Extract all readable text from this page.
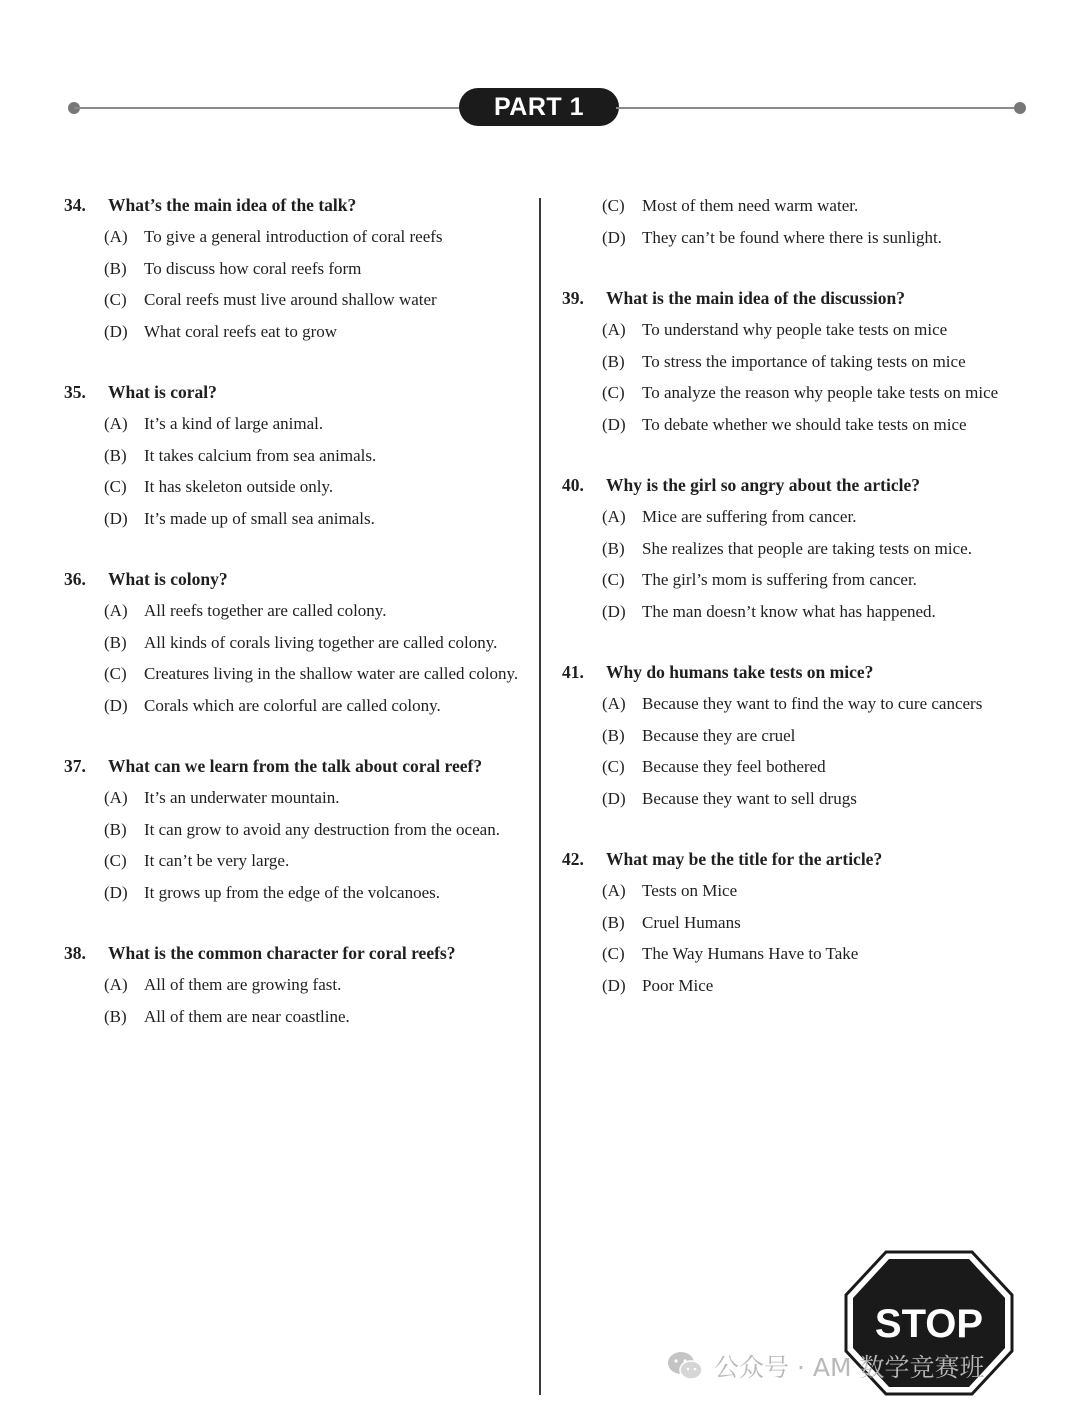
PART 1
34.	What’s the main idea of the talk?
(A) To give a general introduction of coral reefs
(B)	To discuss how coral reefs form
(C)	Coral reefs must live around shallow water
(D) What coral reefs eat to grow
35.	What is coral?
(A) It’s a kind of large animal.
(B)	It takes calcium from sea animals.
(C)	It has skeleton outside only.
(D) It’s made up of small sea animals.
36.	What is colony?
(A) All reefs together are called colony.
(B)	All kinds of corals living together are called colony.
(C)	Creatures living in the shallow water are called colony.
(D) Corals which are colorful are called colony.
37.	What can we learn from the talk about coral reef?
(A) It’s an underwater mountain.
(B)	It can grow to avoid any destruction from the ocean.
(C)	It can’t be very large.
(D) It grows up from the edge of the volcanoes.
38.	What is the common character for coral reefs?
(A) All of them are growing fast.
(B)	All of them are near coastline.
(C)	Most of them need warm water.
(D) They can’t be found where there is sunlight.
39.	What is the main idea of the discussion?
(A) To understand why people take tests on mice
(B)	To stress the importance of taking tests on mice
(C)	To analyze the reason why people take tests on mice
(D) To debate whether we should take tests on mice
40.	Why is the girl so angry about the article?
(A) Mice are suffering from cancer.
(B)	She realizes that people are taking tests on mice.
(C)	The girl’s mom is suffering from cancer.
(D) The man doesn’t know what has happened.
41.	Why do humans take tests on mice?
(A) Because they want to find the way to cure cancers
(B)	Because they are cruel
(C)	Because they feel bothered
(D) Because they want to sell drugs
42.	What may be the title for the article?
(A) Tests on Mice
(B)	Cruel Humans
(C)	The Way Humans Have to Take
(D) Poor Mice
STOP
公众号 · AM 数学竞赛班
